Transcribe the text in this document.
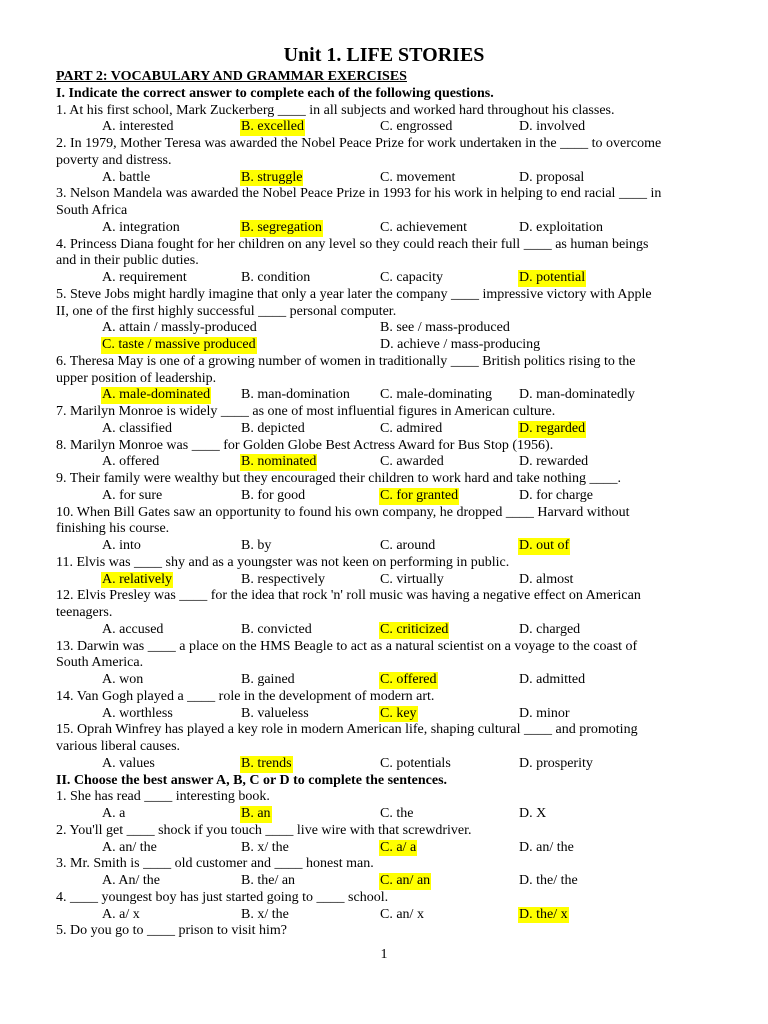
Unit 1. LIFE STORIES
PART 2: VOCABULARY AND GRAMMAR EXERCISES
I. Indicate the correct answer to complete each of the following questions.
1. At his first school, Mark Zuckerberg ____ in all subjects and worked hard throughout his classes.
A. interested	B. excelled	C. engrossed	D. involved
2. In 1979, Mother Teresa was awarded the Nobel Peace Prize for work undertaken in the ____ to overcome
poverty and distress.
A. battle	B. struggle	C. movement	D. proposal
3. Nelson Mandela was awarded the Nobel Peace Prize in 1993 for his work in helping to end racial ____ in
South Africa
A. integration	B. segregation	C. achievement	D. exploitation
4. Princess Diana fought for her children on any level so they could reach their full ____ as human beings
and in their public duties.
A. requirement	B. condition	C. capacity	D. potential
5. Steve Jobs might hardly imagine that only a year later the company ____ impressive victory with Apple
II, one of the first highly successful ____ personal computer.
A. attain / massly-produced	B. see / mass-produced
C. taste / massive produced	D. achieve / mass-producing
6. Theresa May is one of a growing number of women in traditionally ____ British politics rising to the
upper position of leadership.
A. male-dominated B. man-domination C. male-dominating D. man-dominatedly
7. Marilyn Monroe is widely ____ as one of most influential figures in American culture.
A. classified	B. depicted	C. admired	D. regarded
8. Marilyn Monroe was ____ for Golden Globe Best Actress Award for Bus Stop (1956).
A. offered	B. nominated	C. awarded	D. rewarded
9. Their family were wealthy but they encouraged their children to work hard and take nothing ____.
A. for sure	B. for good	C. for granted	D. for charge
10. When Bill Gates saw an opportunity to found his own company, he dropped ____ Harvard without
finishing his course.
A. into	B. by	C. around	D. out of
11. Elvis was ____ shy and as a youngster was not keen on performing in public.
A. relatively	B. respectively	C. virtually	D. almost
12. Elvis Presley was ____ for the idea that rock 'n' roll music was having a negative effect on American
teenagers.
A. accused	B. convicted	C. criticized	D. charged
13. Darwin was ____ a place on the HMS Beagle to act as a natural scientist on a voyage to the coast of
South America.
A. won	B. gained	C. offered	D. admitted
14. Van Gogh played a ____ role in the development of modern art.
A. worthless	B. valueless	C. key	D. minor
15. Oprah Winfrey has played a key role in modern American life, shaping cultural ____ and promoting
various liberal causes.
A. values	B. trends	C. potentials	D. prosperity
II. Choose the best answer A, B, C or D to complete the sentences.
1. She has read ____ interesting book.
A. a	B. an	C. the	D. X
2. You'll get ____ shock if you touch ____ live wire with that screwdriver.
A. an/ the	B. x/ the	C. a/ a	D. an/ the
3. Mr. Smith is ____ old customer and ____ honest man.
A. An/ the	B. the/ an	C. an/ an	D. the/ the
4. ____ youngest boy has just started going to ____ school.
A. a/ x	B. x/ the	C. an/ x	D. the/ x
5. Do you go to ____ prison to visit him?
1
